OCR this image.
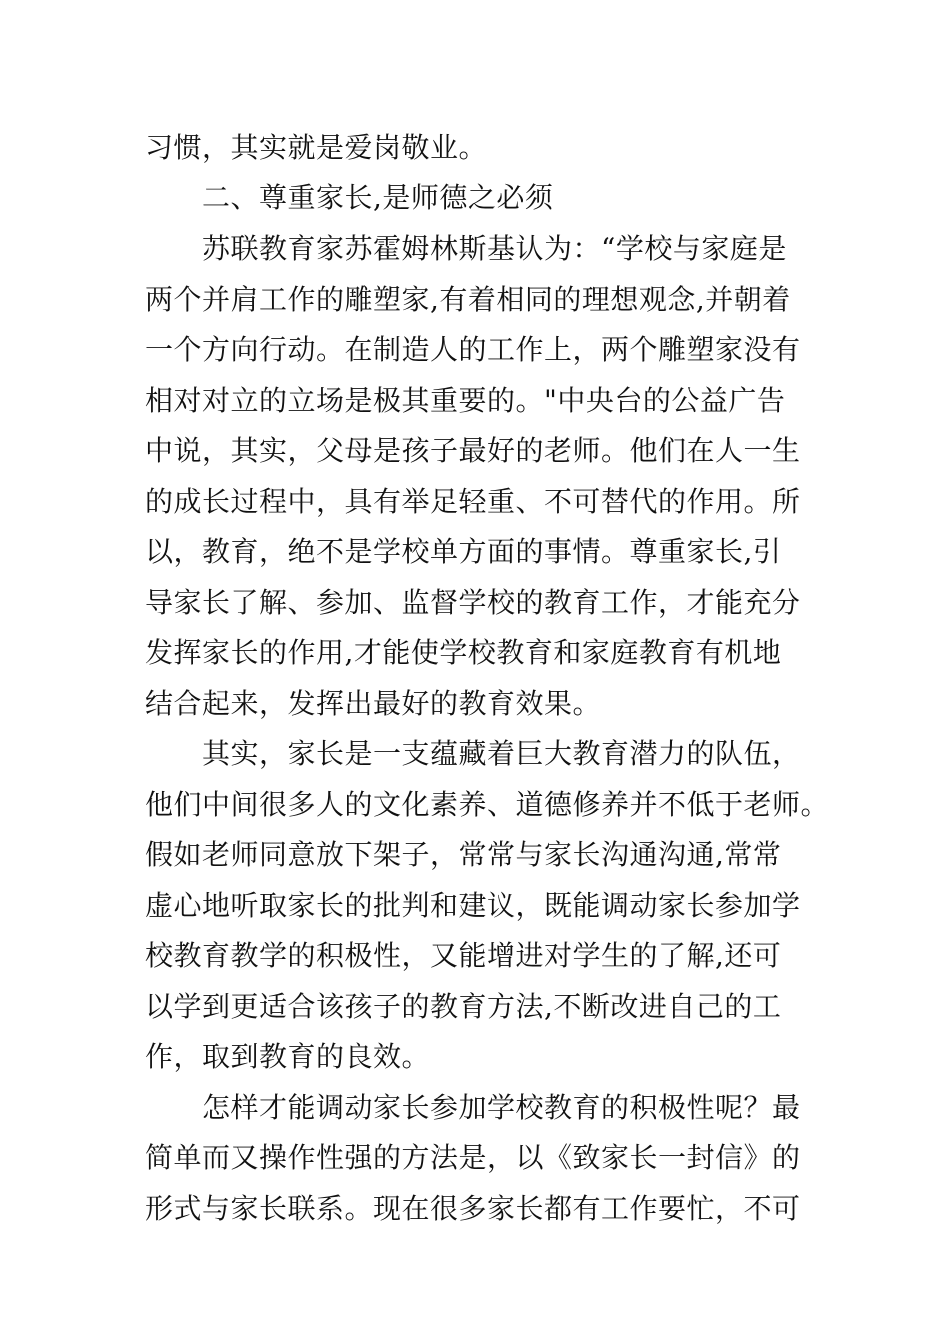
习惯，其实就是爱岗敬业。
二、尊重家长,是师德之必须
苏联教育家苏霍姆林斯基认为：“学校与家庭是
两个并肩工作的雕塑家,有着相同的理想观念,并朝着
一个方向行动。在制造人的工作上，两个雕塑家没有
相对对立的立场是极其重要的。"中央台的公益广告
中说，其实，父母是孩子最好的老师。他们在人一生
的成长过程中，具有举足轻重、不可替代的作用。所
以，教育，绝不是学校单方面的事情。尊重家长,引
导家长了解、参加、监督学校的教育工作，才能充分
发挥家长的作用,才能使学校教育和家庭教育有机地
结合起来，发挥出最好的教育效果。
其实，家长是一支蕴藏着巨大教育潜力的队伍，
他们中间很多人的文化素养、道德修养并不低于老师。
假如老师同意放下架子，常常与家长沟通沟通,常常
虚心地听取家长的批判和建议，既能调动家长参加学
校教育教学的积极性，又能增进对学生的了解,还可
以学到更适合该孩子的教育方法,不断改进自己的工
作，取到教育的良效。
怎样才能调动家长参加学校教育的积极性呢？最
简单而又操作性强的方法是，以《致家长一封信》的
形式与家长联系。现在很多家长都有工作要忙，不可
